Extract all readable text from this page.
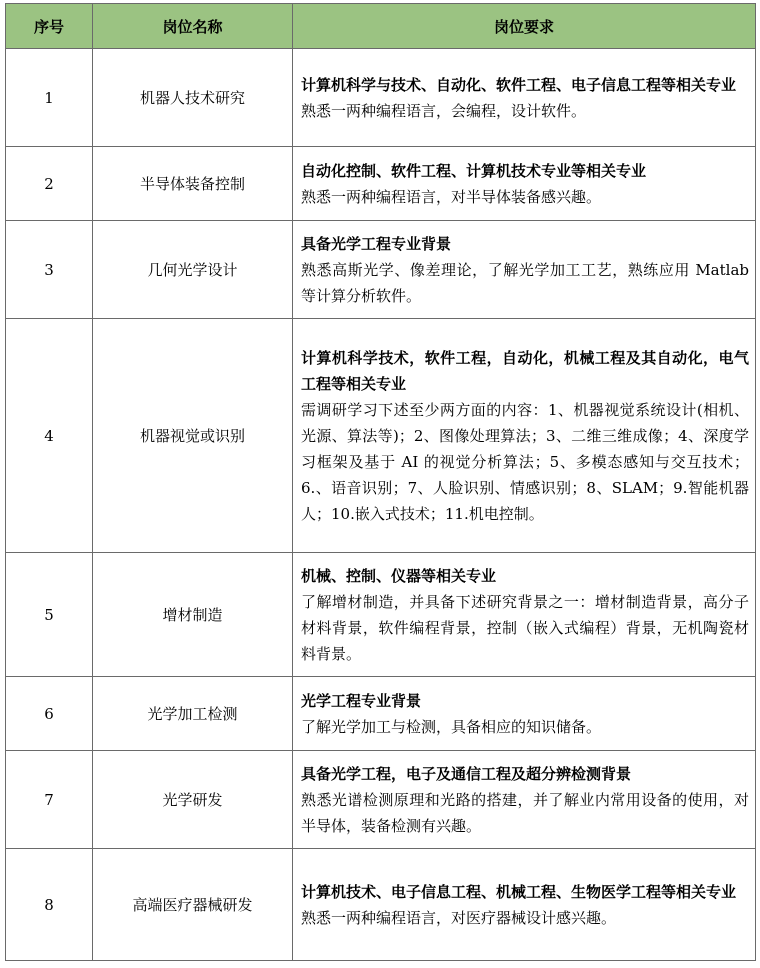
序号	岗位名称	岗位要求
1	机器人技术研究	计算机科学与技术、自动化、软件工程、电子信息工程等相关专业
熟悉一两种编程语言，会编程，设计软件。

2	半导体装备控制	自动化控制、软件工程、计算机技术专业等相关专业
熟悉一两种编程语言，对半导体装备感兴趣。

3	几何光学设计	具备光学工程专业背景
熟悉高斯光学、像差理论，了解光学加工工艺，熟练应用 Matlab 等计算分析软件。

4	机器视觉或识别	计算机科学技术，软件工程，自动化，机械工程及其自动化，电气工程等相关专业
需调研学习下述至少两方面的内容：1、机器视觉系统设计(相机、光源、算法等)；2、图像处理算法；3、二维三维成像；4、深度学习框架及基于 AI 的视觉分析算法；5、多模态感知与交互技术；6.、语音识别；7、人脸识别、情感识别；8、SLAM；9.智能机器人；10.嵌入式技术；11.机电控制。

5	增材制造	机械、控制、仪器等相关专业
了解增材制造，并具备下述研究背景之一：增材制造背景，高分子材料背景，软件编程背景，控制（嵌入式编程）背景，无机陶瓷材料背景。

6	光学加工检测	光学工程专业背景
了解光学加工与检测，具备相应的知识储备。

7	光学研发	具备光学工程，电子及通信工程及超分辨检测背景
熟悉光谱检测原理和光路的搭建，并了解业内常用设备的使用，对半导体，装备检测有兴趣。

8	高端医疗器械研发	计算机技术、电子信息工程、机械工程、生物医学工程等相关专业
熟悉一两种编程语言，对医疗器械设计感兴趣。
